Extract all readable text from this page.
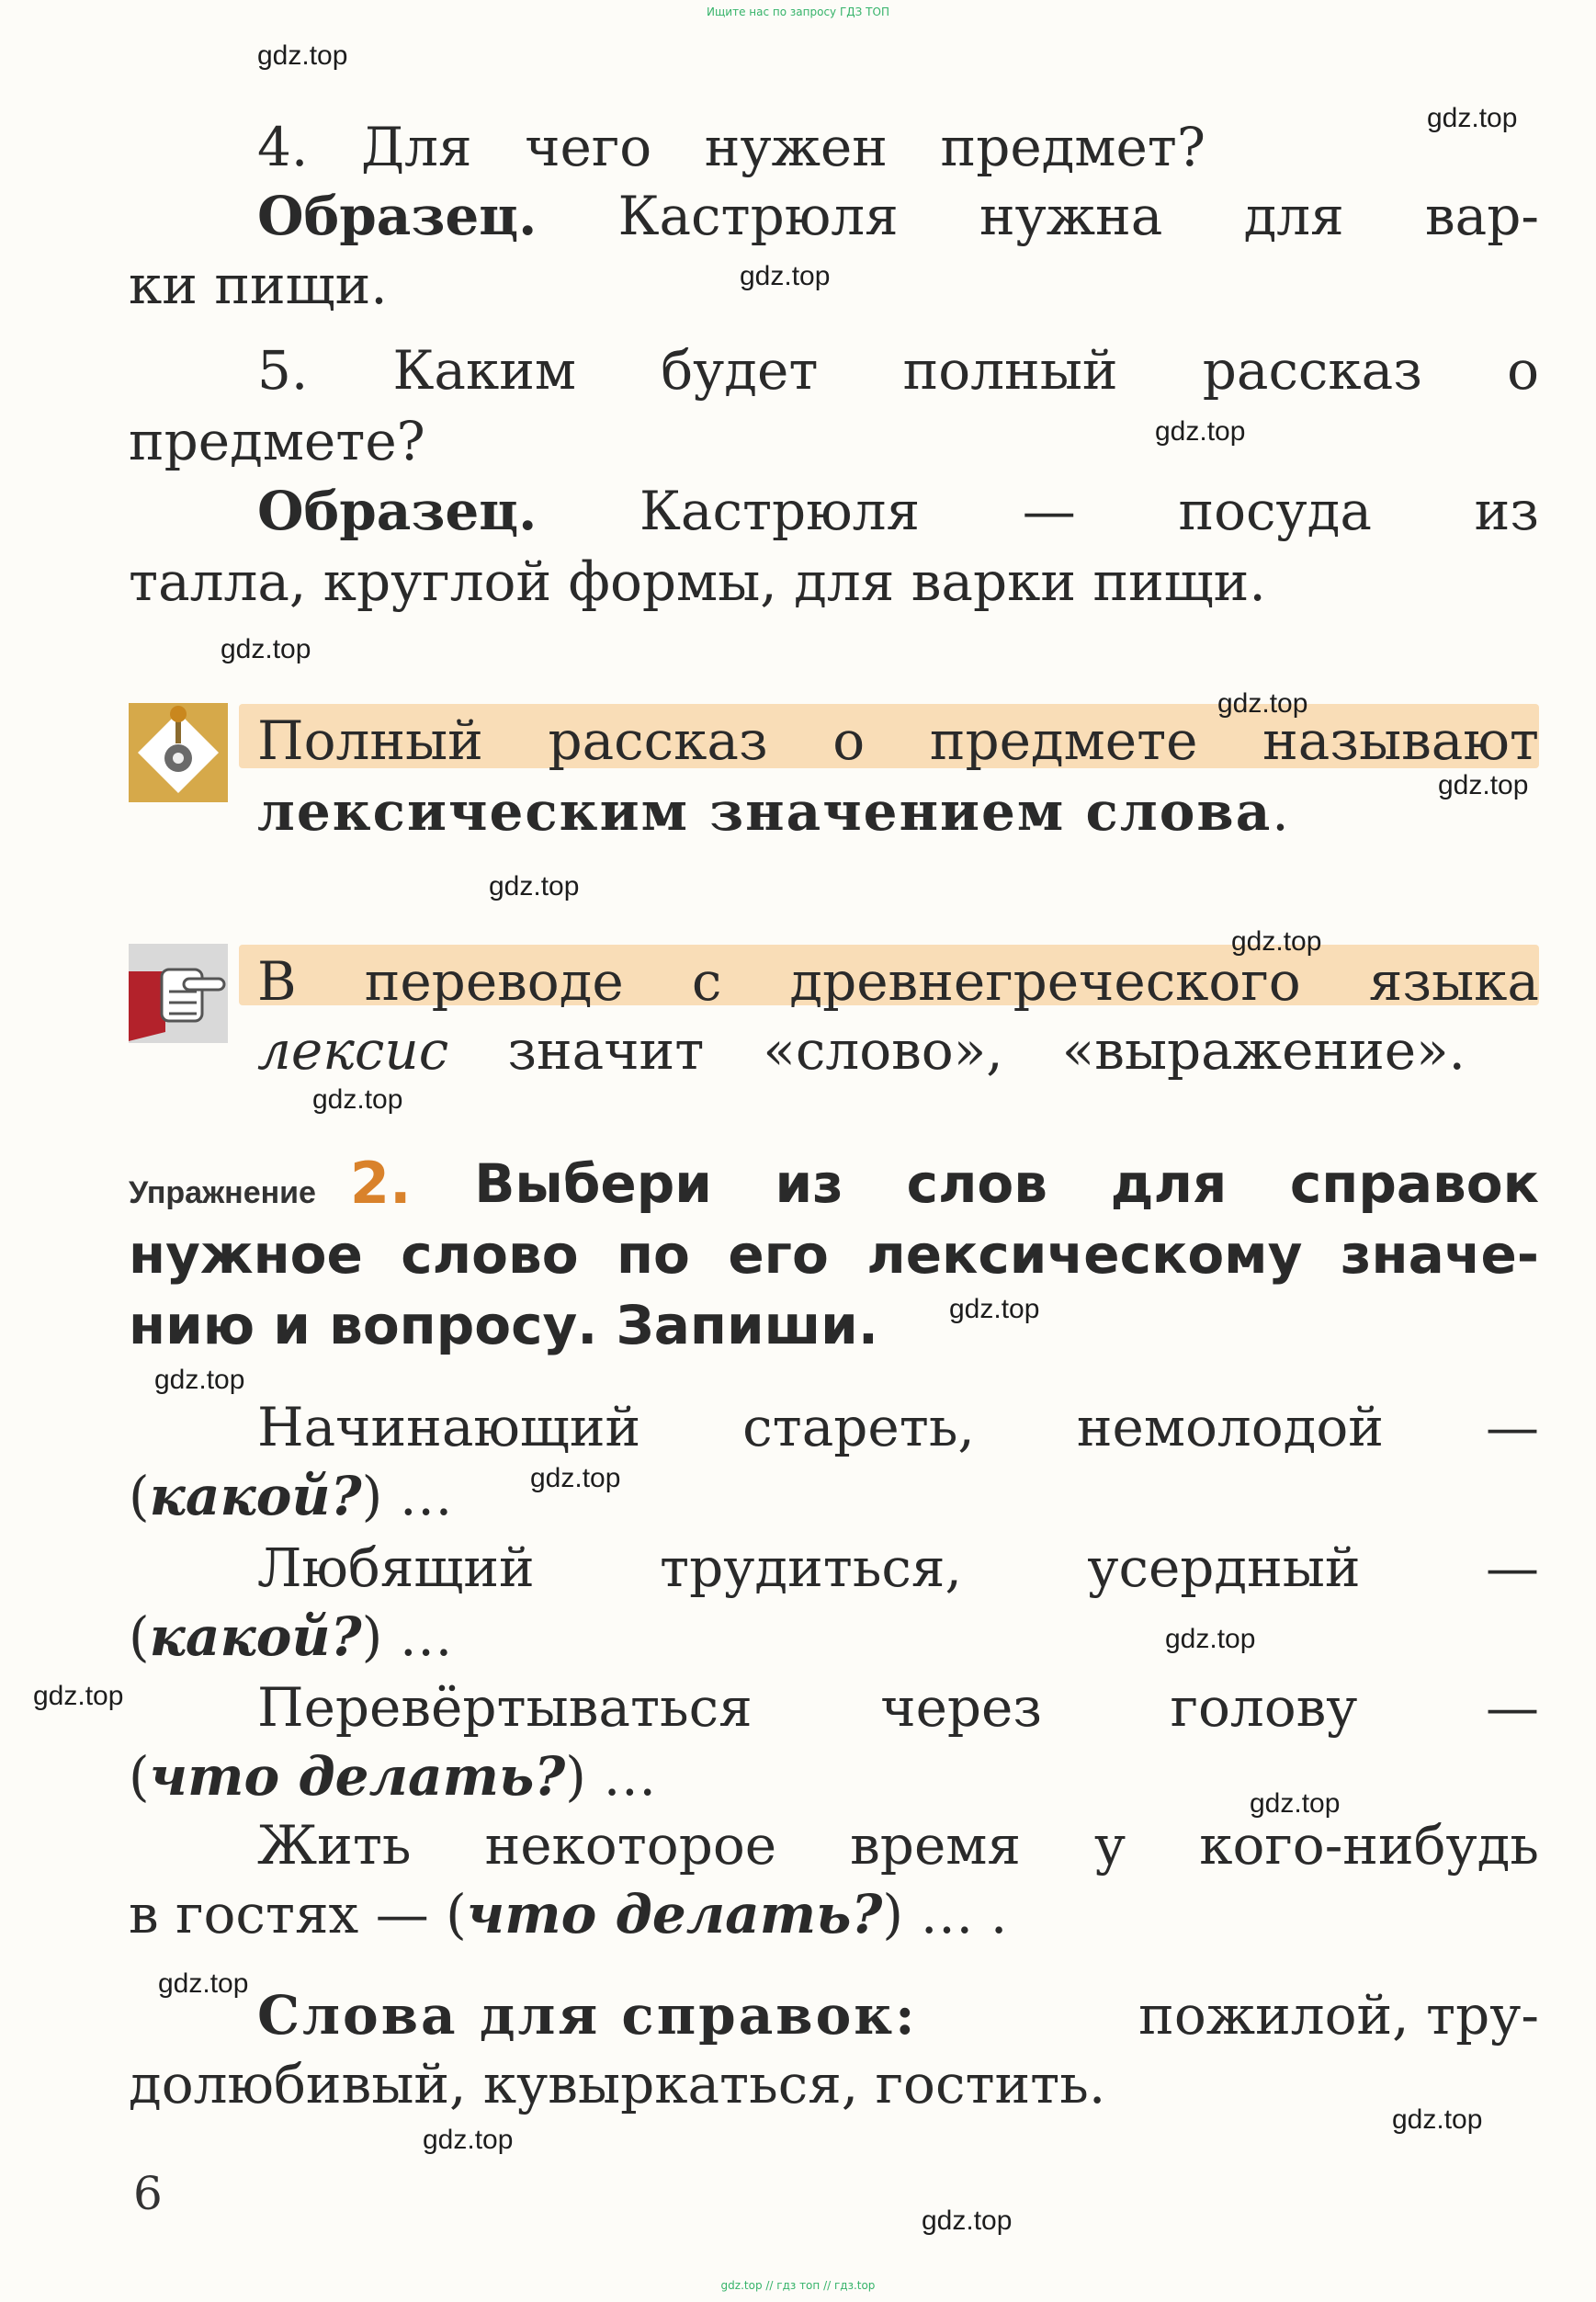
Ищите нас по запросу ГДЗ ТОП
gdz.top // гдз топ // гдз.top
4. Для чего нужен предмет?
Образец. Кастрюля нужна для вар-
ки пищи.
5. Каким будет полный рассказ о
предмете?
Образец. Кастрюля — посуда из
талла, круглой формы, для варки пищи.
Полный рассказ о предмете называют
лексическим значением слова.
В переводе с древнегреческого языка
лексис значит «слово», «выражение».
Упражнение 2. Выбери из слов для справок
нужное слово по его лексическому значе-
нию и вопросу. Запиши.
Начинающий стареть, немолодой —
(какой?) …
Любящий трудиться, усердный —
(какой?) …
Перевёртываться через голову —
(что делать?) …
Жить некоторое время у кого-нибудь
в гостях — (что делать?) … .
Слова для справок:	пожилой, тру-
долюбивый, кувыркаться, гостить.
6
gdz.top
gdz.top
gdz.top
gdz.top
gdz.top
gdz.top
gdz.top
gdz.top
gdz.top
gdz.top
gdz.top
gdz.top
gdz.top
gdz.top
gdz.top
gdz.top
gdz.top
gdz.top
gdz.top
gdz.top
